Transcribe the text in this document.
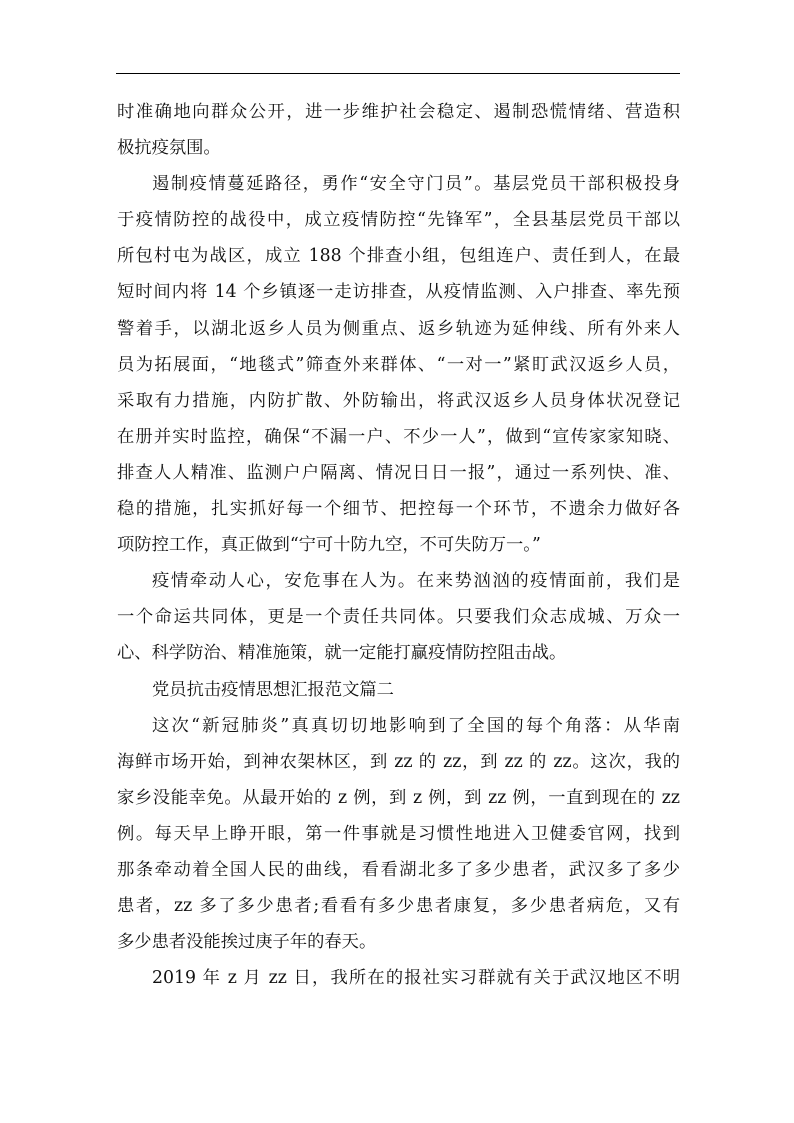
时准确地向群众公开，进一步维护社会稳定、遏制恐慌情绪、营造积
极抗疫氛围。
遏制疫情蔓延路径，勇作“安全守门员”。基层党员干部积极投身
于疫情防控的战役中，成立疫情防控“先锋军”，全县基层党员干部以
所包村屯为战区，成立 188 个排查小组，包组连户、责任到人，在最
短时间内将 14 个乡镇逐一走访排查，从疫情监测、入户排查、率先预
警着手，以湖北返乡人员为侧重点、返乡轨迹为延伸线、所有外来人
员为拓展面，“地毯式”筛查外来群体、“一对一”紧盯武汉返乡人员，
采取有力措施，内防扩散、外防输出，将武汉返乡人员身体状况登记
在册并实时监控，确保“不漏一户、不少一人”，做到“宣传家家知晓、
排查人人精准、监测户户隔离、情况日日一报”，通过一系列快、准、
稳的措施，扎实抓好每一个细节、把控每一个环节，不遗余力做好各
项防控工作，真正做到“宁可十防九空，不可失防万一。”
疫情牵动人心，安危事在人为。在来势汹汹的疫情面前，我们是
一个命运共同体，更是一个责任共同体。只要我们众志成城、万众一
心、科学防治、精准施策，就一定能打赢疫情防控阻击战。
党员抗击疫情思想汇报范文篇二
这次“新冠肺炎”真真切切地影响到了全国的每个角落：从华南
海鲜市场开始，到神农架林区，到 zz 的 zz，到 zz 的 zz。这次，我的
家乡没能幸免。从最开始的 z 例，到 z 例，到 zz 例，一直到现在的 zz
例。每天早上睁开眼，第一件事就是习惯性地进入卫健委官网，找到
那条牵动着全国人民的曲线，看看湖北多了多少患者，武汉多了多少
患者，zz 多了多少患者;看看有多少患者康复，多少患者病危，又有
多少患者没能挨过庚子年的春天。
2019 年 z 月 zz 日，我所在的报社实习群就有关于武汉地区不明
